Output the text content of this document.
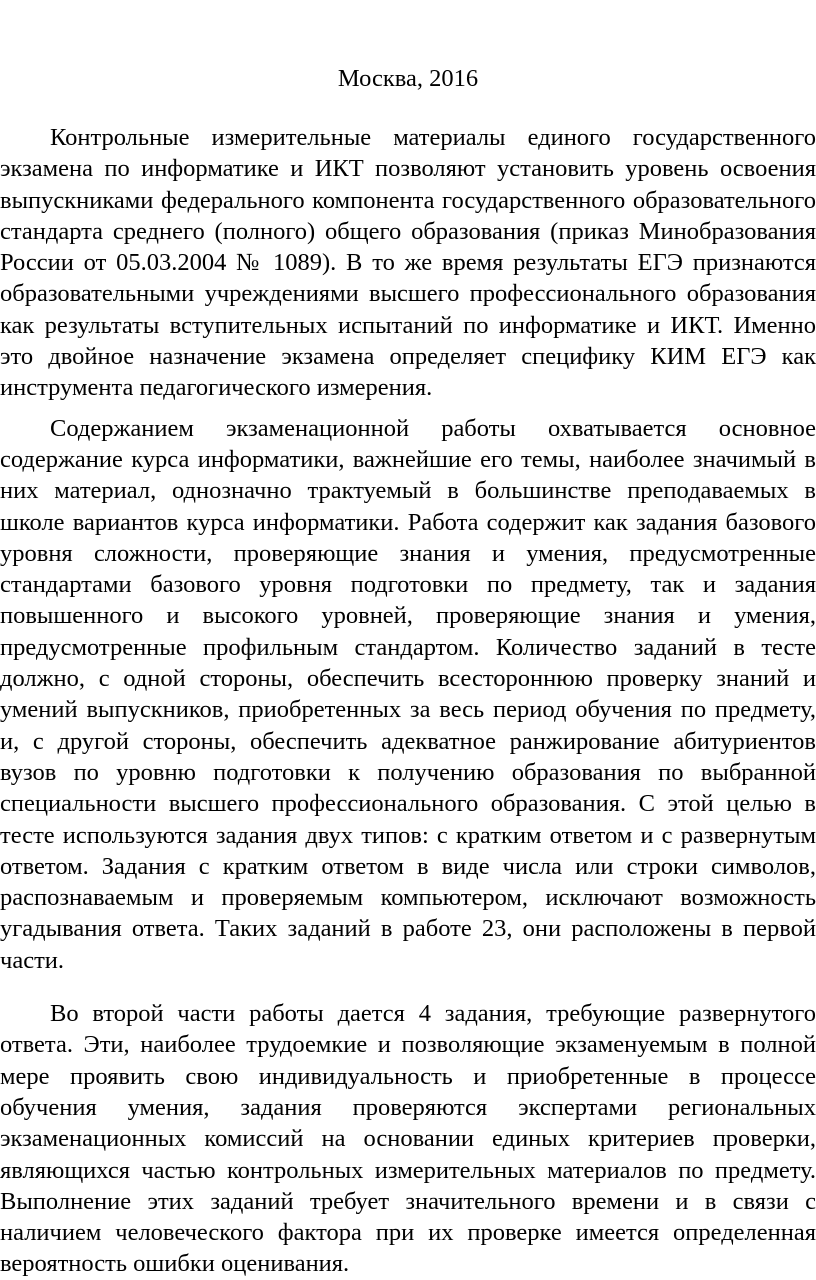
Москва, 2016

Контрольные измерительные материалы единого государственного экзамена по информатике и ИКТ позволяют установить уровень освоения выпускниками федерального компонента государственного образовательного стандарта среднего (полного) общего образования (приказ Минобразования России от 05.03.2004 № 1089). В то же время результаты ЕГЭ признаются образовательными учреждениями высшего профессионального образования как результаты вступительных испытаний по информатике и ИКТ. Именно это двойное назначение экзамена определяет специфику КИМ ЕГЭ как инструмента педагогического измерения.

Содержанием экзаменационной работы охватывается основное содержание курса информатики, важнейшие его темы, наиболее значимый в них материал, однозначно трактуемый в большинстве преподаваемых в школе вариантов курса информатики. Работа содержит как задания базового уровня сложности, проверяющие знания и умения, предусмотренные стандартами базового уровня подготовки по предмету, так и задания повышенного и высокого уровней, проверяющие знания и умения, предусмотренные профильным стандартом. Количество заданий в тесте должно, с одной стороны, обеспечить всестороннюю проверку знаний и умений выпускников, приобретенных за весь период обучения по предмету, и, с другой стороны, обеспечить адекватное ранжирование абитуриентов вузов по уровню подготовки к получению образования по выбранной специальности высшего профессионального образования. С этой целью в тесте используются задания двух типов: с кратким ответом и с развернутым ответом. Задания с кратким ответом в виде числа или строки символов, распознаваемым и проверяемым компьютером, исключают возможность угадывания ответа. Таких заданий в работе 23, они расположены в первой части.

Во второй части работы дается 4 задания, требующие развернутого ответа. Эти, наиболее трудоемкие и позволяющие экзаменуемым в полной мере проявить свою индивидуальность и приобретенные в процессе обучения умения, задания проверяются экспертами региональных экзаменационных комиссий на основании единых критериев проверки, являющихся частью контрольных измерительных материалов по предмету. Выполнение этих заданий требует значительного времени и в связи с наличием человеческого фактора при их проверке имеется определенная вероятность ошибки оценивания.
